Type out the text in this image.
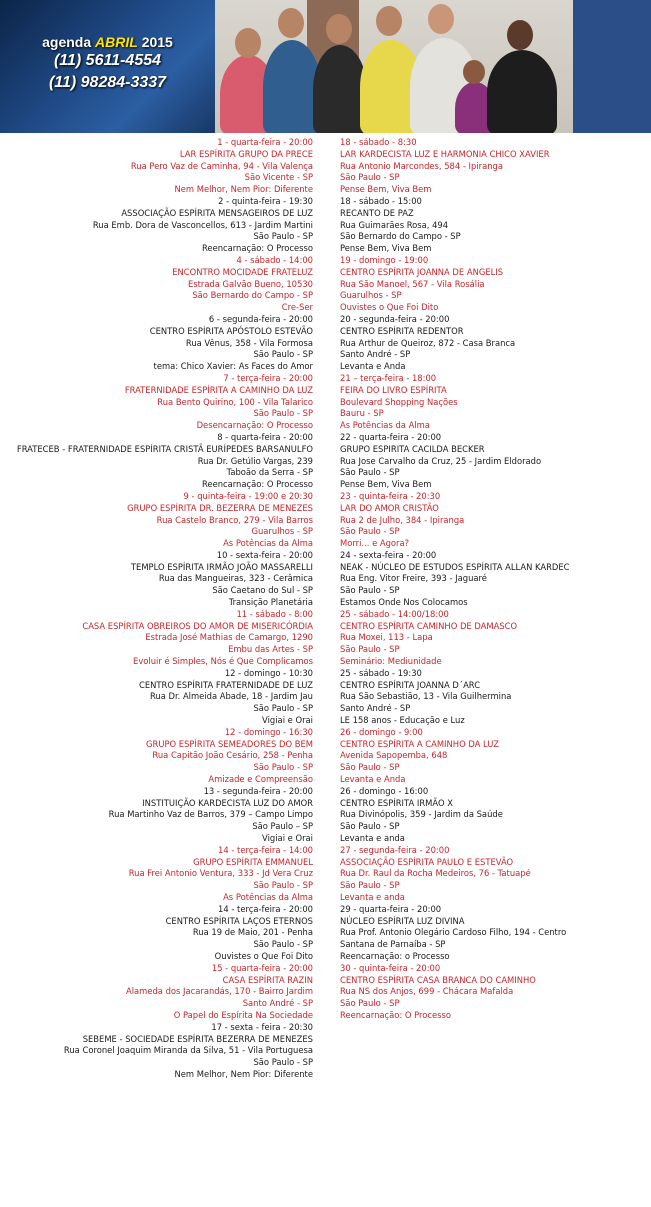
agenda ABRIL 2015
(11) 5611-4554
(11) 98284-3337
1 - quarta-feira - 20:00
LAR ESPÍRITA GRUPO DA PRECE
Rua Pero Vaz de Caminha, 94 - Vila Valença
São Vicente - SP
Nem Melhor, Nem Pior: Diferente
2 - quinta-feira - 19:30
ASSOCIAÇÃO ESPÍRITA MENSAGEIROS DE LUZ
Rua Emb. Dora de Vasconcellos, 613 - Jardim Martini
São Paulo - SP
Reencarnação: O Processo
4 - sábado - 14:00
ENCONTRO MOCIDADE FRATELUZ
Estrada Galvão Bueno, 10530
São Bernardo do Campo - SP
Cre-Ser
6 - segunda-feira - 20:00
CENTRO ESPÍRITA APÓSTOLO ESTEVÃO
Rua Vênus, 358 - Vila Formosa
São Paulo - SP
tema: Chico Xavier: As Faces do Amor
7 - terça-feira - 20:00
FRATERNIDADE ESPÍRITA A CAMINHO DA LUZ
Rua Bento Quirino, 100 - Vila Talarico
São Paulo - SP
Desencarnação: O Processo
8 - quarta-feira - 20:00
FRATECEB - FRATERNIDADE ESPÍRITA CRISTÃ EURÍPEDES BARSANULFO
Rua Dr. Getúlio Vargas, 239
Taboão da Serra - SP
Reencarnação: O Processo
9 - quinta-feira - 19:00 e 20:30
GRUPO ESPÍRITA DR. BEZERRA DE MENEZES
Rua Castelo Branco, 279 - Vila Barros
Guarulhos - SP
As Potências da Alma
10 - sexta-feira - 20:00
TEMPLO ESPÍRITA IRMÃO JOÃO MASSARELLI
Rua das Mangueiras, 323 - Cerâmica
São Caetano do Sul - SP
Transição Planetária
11 - sábado - 8:00
CASA ESPÍRITA OBREIROS DO AMOR DE MISERICÓRDIA
Estrada José Mathias de Camargo, 1290
Embu das Artes - SP
Evoluir é Simples, Nós é Que Complicamos
12 - domingo - 10:30
CENTRO ESPÍRITA FRATERNIDADE DE LUZ
Rua Dr. Almeida Abade, 18 - Jardim Jau
São Paulo - SP
Vigiai e Orai
12 - domingo - 16:30
GRUPO ESPÍRITA SEMEADORES DO BEM
Rua Capitão João Cesário, 258 - Penha
São Paulo - SP
Amizade e Compreensão
13 - segunda-feira - 20:00
INSTITUIÇÃO KARDECISTA LUZ DO AMOR
Rua Martinho Vaz de Barros, 379 – Campo Limpo
São Paulo – SP
Vigiai e Orai
14 - terça-feira - 14:00
GRUPO ESPÍRITA EMMANUEL
Rua Frei Antonio Ventura, 333 - Jd Vera Cruz
São Paulo - SP
As Potências da Alma
14 - terça-feira - 20:00
CENTRO ESPÍRITA LAÇOS ETERNOS
Rua 19 de Maio, 201 - Penha
São Paulo - SP
Ouvistes o Que Foi Dito
15 - quarta-feira - 20:00
CASA ESPÍRITA RAZIN
Alameda dos Jacarandás, 170 - Bairro Jardim
Santo André - SP
O Papel do Espírita Na Sociedade
17 - sexta - feira - 20:30
SEBEME - SOCIEDADE ESPÍRITA BEZERRA DE MENEZES
Rua Coronel Joaquim Miranda da Silva, 51 - Vila Portuguesa
São Paulo - SP
Nem Melhor, Nem Pior: Diferente
18 - sábado - 8:30
LAR KARDECISTA LUZ E HARMONIA CHICO XAVIER
Rua Antonio Marcondes, 584 - Ipiranga
São Paulo - SP
Pense Bem, Viva Bem
18 - sábado - 15:00
RECANTO DE PAZ
Rua Guimarães Rosa, 494
São Bernardo do Campo - SP
Pense Bem, Viva Bem
19 - domingo - 19:00
CENTRO ESPÍRITA JOANNA DE ANGELIS
Rua São Manoel, 567 - Vila Rosália
Guarulhos - SP
Ouvistes o Que Foi Dito
20 - segunda-feira - 20:00
CENTRO ESPÍRITA REDENTOR
Rua Arthur de Queiroz, 872 - Casa Branca
Santo André - SP
Levanta e Anda
21 – terça-feira - 18:00
FEIRA DO LIVRO ESPÍRITA
Boulevard Shopping Nações
Bauru - SP
As Potências da Alma
22 - quarta-feira - 20:00
GRUPO ESPIRITA CACILDA BECKER
Rua Jose Carvalho da Cruz, 25 - Jardim Eldorado
São Paulo - SP
Pense Bem, Viva Bem
23 - quinta-feira - 20:30
LAR DO AMOR CRISTÃO
Rua 2 de Julho, 384 - Ipiranga
São Paulo - SP
Morri... e Agora?
24 - sexta-feira - 20:00
NEAK - NÚCLEO DE ESTUDOS ESPÍRITA ALLAN KARDEC
Rua Eng. Vitor Freire, 393 - Jaguaré
São Paulo - SP
Estamos Onde Nos Colocamos
25 - sábado - 14:00/18:00
CENTRO ESPÍRITA CAMINHO DE DAMASCO
Rua Moxei, 113 - Lapa
São Paulo - SP
Seminário: Mediunidade
25 - sábado - 19:30
CENTRO ESPÍRITA JOANNA D´ARC
Rua São Sebastião, 13 - Vila Guilhermina
Santo André - SP
LE 158 anos - Educação e Luz
26 - domingo - 9:00
CENTRO ESPÍRITA A CAMINHO DA LUZ
Avenida Sapopemba, 648
São Paulo - SP
Levanta e Anda
26 - domingo - 16:00
CENTRO ESPÍRITA IRMÃO X
Rua Divinópolis, 359 - Jardim da Saúde
São Paulo - SP
Levanta e anda
27 - segunda-feira - 20:00
ASSOCIAÇÃO ESPÍRITA PAULO E ESTEVÃO
Rua Dr. Raul da Rocha Medeiros, 76 - Tatuapé
São Paulo - SP
Levanta e anda
29 - quarta-feira - 20:00
NÚCLEO ESPÍRITA LUZ DIVINA
Rua Prof. Antonio Olegário Cardoso Filho, 194 - Centro
Santana de Parnaíba - SP
Reencarnação: o Processo
30 - quinta-feira - 20:00
CENTRO ESPÍRITA CASA BRANCA DO CAMINHO
Rua NS dos Anjos, 699 - Chácara Mafalda
São Paulo - SP
Reencarnação: O Processo
